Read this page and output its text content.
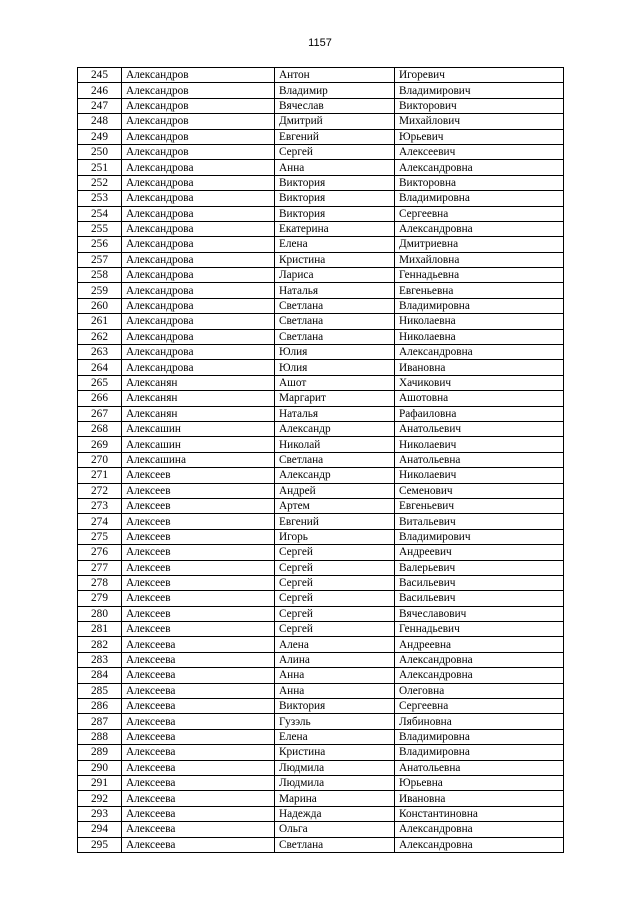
1157
245	Александров	Антон	Игоревич
246	Александров	Владимир	Владимирович
247	Александров	Вячеслав	Викторович
248	Александров	Дмитрий	Михайлович
249	Александров	Евгений	Юрьевич
250	Александров	Сергей	Алексеевич
251	Александрова	Анна	Александровна
252	Александрова	Виктория	Викторовна
253	Александрова	Виктория	Владимировна
254	Александрова	Виктория	Сергеевна
255	Александрова	Екатерина	Александровна
256	Александрова	Елена	Дмитриевна
257	Александрова	Кристина	Михайловна
258	Александрова	Лариса	Геннадьевна
259	Александрова	Наталья	Евгеньевна
260	Александрова	Светлана	Владимировна
261	Александрова	Светлана	Николаевна
262	Александрова	Светлана	Николаевна
263	Александрова	Юлия	Александровна
264	Александрова	Юлия	Ивановна
265	Алексанян	Ашот	Хачикович
266	Алексанян	Маргарит	Ашотовна
267	Алексанян	Наталья	Рафаиловна
268	Алексашин	Александр	Анатольевич
269	Алексашин	Николай	Николаевич
270	Алексашина	Светлана	Анатольевна
271	Алексеев	Александр	Николаевич
272	Алексеев	Андрей	Семенович
273	Алексеев	Артем	Евгеньевич
274	Алексеев	Евгений	Витальевич
275	Алексеев	Игорь	Владимирович
276	Алексеев	Сергей	Андреевич
277	Алексеев	Сергей	Валерьевич
278	Алексеев	Сергей	Васильевич
279	Алексеев	Сергей	Васильевич
280	Алексеев	Сергей	Вячеславович
281	Алексеев	Сергей	Геннадьевич
282	Алексеева	Алена	Андреевна
283	Алексеева	Алина	Александровна
284	Алексеева	Анна	Александровна
285	Алексеева	Анна	Олеговна
286	Алексеева	Виктория	Сергеевна
287	Алексеева	Гузэль	Лябиновна
288	Алексеева	Елена	Владимировна
289	Алексеева	Кристина	Владимировна
290	Алексеева	Людмила	Анатольевна
291	Алексеева	Людмила	Юрьевна
292	Алексеева	Марина	Ивановна
293	Алексеева	Надежда	Константиновна
294	Алексеева	Ольга	Александровна
295	Алексеева	Светлана	Александровна
